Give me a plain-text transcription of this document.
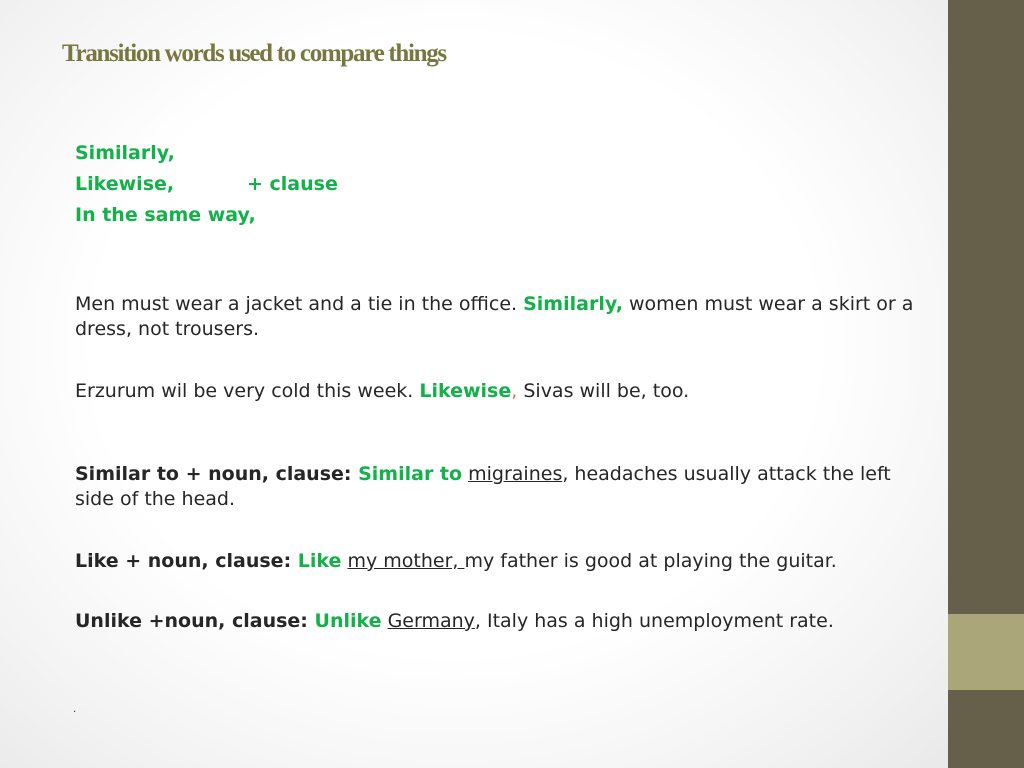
Transition words used to compare things
Similarly,
Likewise,	+ clause
In the same way,

Men must wear a jacket and a tie in the office. Similarly, women must wear a skirt or a dress, not trousers.

Erzurum wil be very cold this week. Likewise, Sivas will be, too.

Similar to + noun, clause: Similar to migraines, headaches usually attack the left side of the head.

Like + noun, clause: Like my mother, my father is good at playing the guitar.

Unlike +noun, clause: Unlike Germany, Italy has a high unemployment rate.

.
